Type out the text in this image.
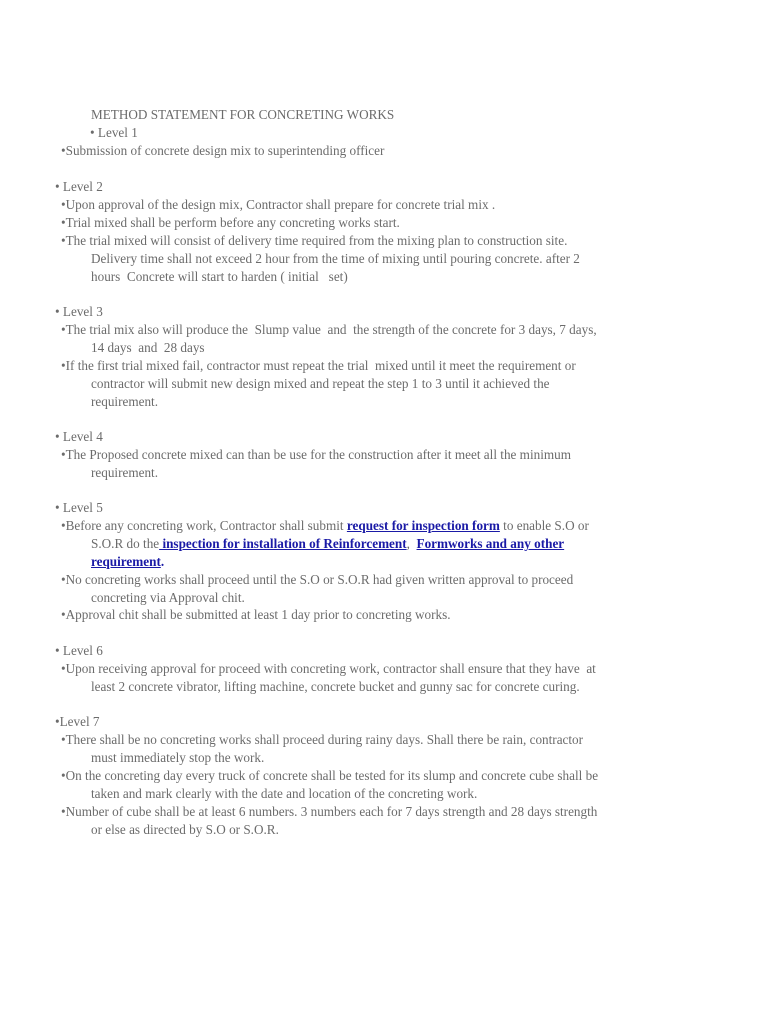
METHOD STATEMENT FOR CONCRETING WORKS
• Level 1
•Submission of concrete design mix to superintending officer
• Level 2
•Upon approval of the design mix, Contractor shall prepare for concrete trial mix .
•Trial mixed shall be perform before any concreting works start.
•The trial mixed will consist of delivery time required from the mixing plan to construction site.
Delivery time shall not exceed 2 hour from the time of mixing until pouring concrete. after 2
hours  Concrete will start to harden ( initial   set)
• Level 3
•The trial mix also will produce the  Slump value  and  the strength of the concrete for 3 days, 7 days,
14 days  and  28 days
•If the first trial mixed fail, contractor must repeat the trial  mixed until it meet the requirement or
contractor will submit new design mixed and repeat the step 1 to 3 until it achieved the
requirement.
• Level 4
•The Proposed concrete mixed can than be use for the construction after it meet all the minimum
requirement.
• Level 5
•Before any concreting work, Contractor shall submit request for inspection form to enable S.O or
S.O.R do the inspection for installation of Reinforcement,  Formworks and any other
requirement.
•No concreting works shall proceed until the S.O or S.O.R had given written approval to proceed
concreting via Approval chit.
•Approval chit shall be submitted at least 1 day prior to concreting works.
• Level 6
•Upon receiving approval for proceed with concreting work, contractor shall ensure that they have  at
least 2 concrete vibrator, lifting machine, concrete bucket and gunny sac for concrete curing.
•Level 7
•There shall be no concreting works shall proceed during rainy days. Shall there be rain, contractor
must immediately stop the work.
•On the concreting day every truck of concrete shall be tested for its slump and concrete cube shall be
taken and mark clearly with the date and location of the concreting work.
•Number of cube shall be at least 6 numbers. 3 numbers each for 7 days strength and 28 days strength
or else as directed by S.O or S.O.R.
